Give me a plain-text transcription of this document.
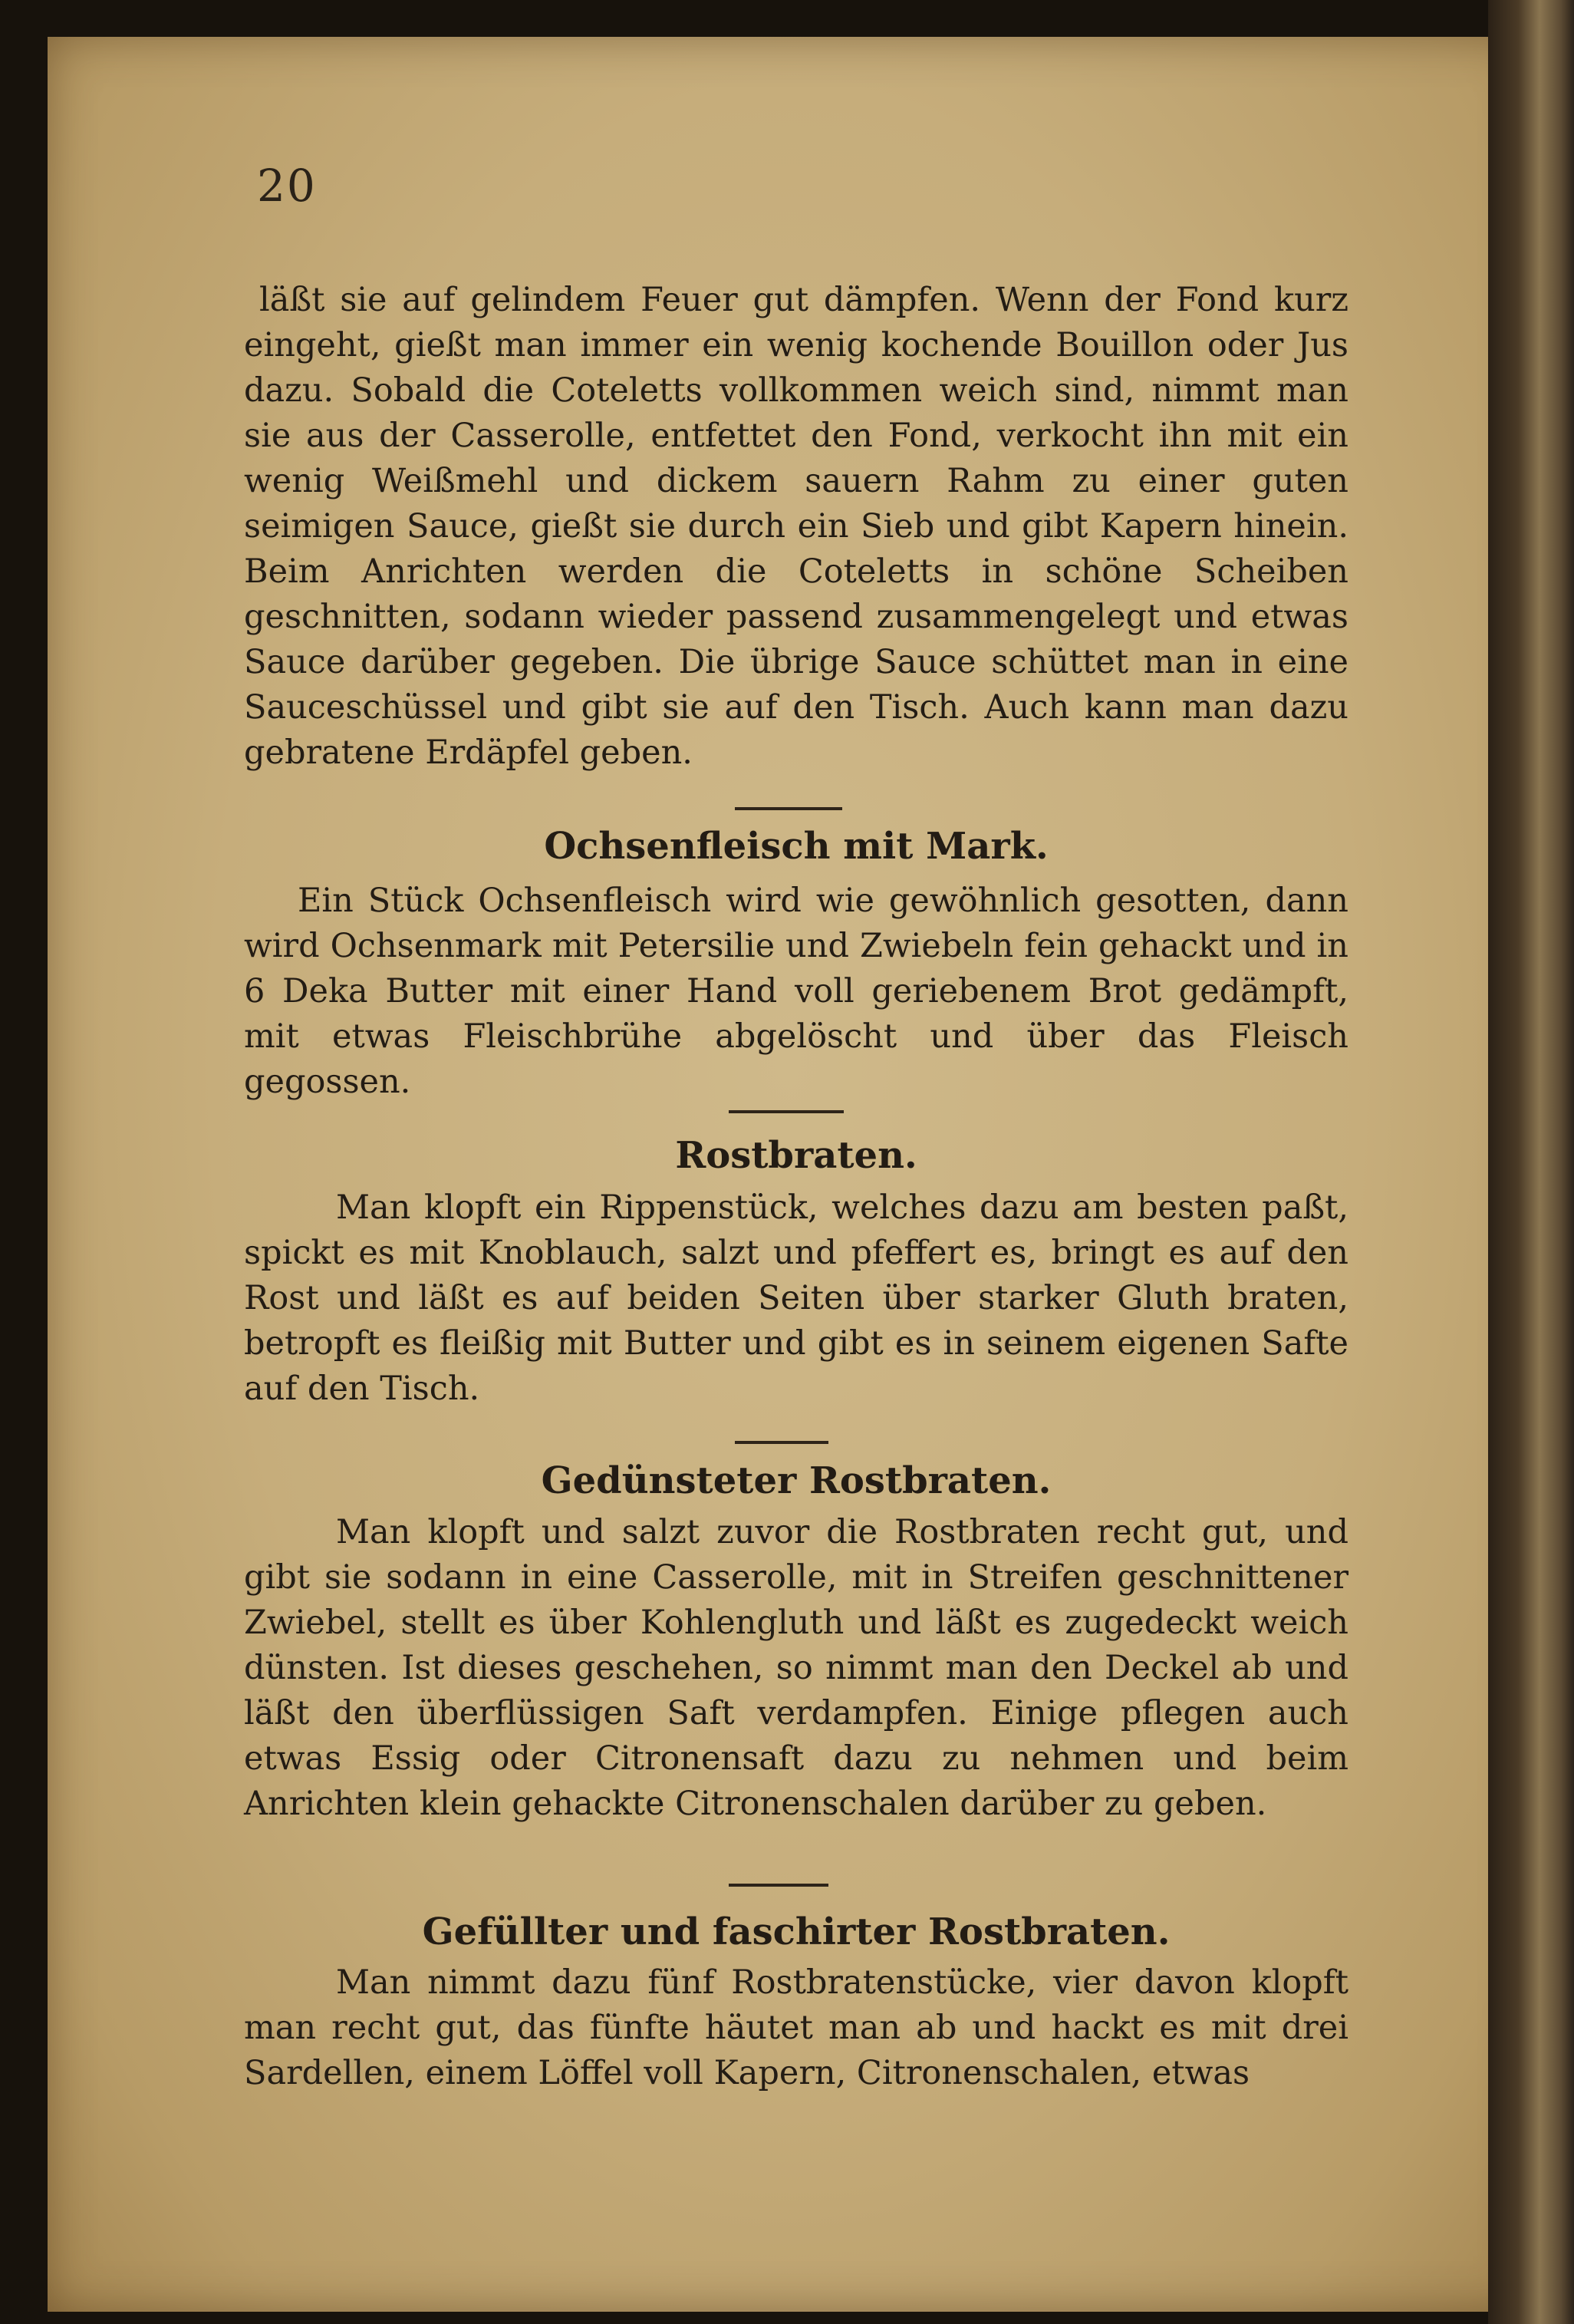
20

läßt sie auf gelindem Feuer gut dämpfen. Wenn der Fond kurz eingeht, gießt man immer ein wenig kochende Bouillon oder Jus dazu. Sobald die Coteletts vollkommen weich sind, nimmt man sie aus der Casserolle, entfettet den Fond, verkocht ihn mit ein wenig Weißmehl und dickem sauern Rahm zu einer guten seimigen Sauce, gießt sie durch ein Sieb und gibt Kapern hinein. Beim Anrichten werden die Coteletts in schöne Scheiben geschnitten, sodann wieder passend zusammengelegt und etwas Sauce darüber gegeben. Die übrige Sauce schüttet man in eine Sauceschüssel und gibt sie auf den Tisch. Auch kann man dazu gebratene Erdäpfel geben.

Ochsenfleisch mit Mark.

Ein Stück Ochsenfleisch wird wie gewöhnlich gesotten, dann wird Ochsenmark mit Petersilie und Zwiebeln fein gehackt und in 6 Deka Butter mit einer Hand voll geriebenem Brot gedämpft, mit etwas Fleischbrühe abgelöscht und über das Fleisch gegossen.

Rostbraten.

Man klopft ein Rippenstück, welches dazu am besten paßt, spickt es mit Knoblauch, salzt und pfeffert es, bringt es auf den Rost und läßt es auf beiden Seiten über starker Gluth braten, betropft es fleißig mit Butter und gibt es in seinem eigenen Safte auf den Tisch.

Gedünsteter Rostbraten.

Man klopft und salzt zuvor die Rostbraten recht gut, und gibt sie sodann in eine Casserolle, mit in Streifen geschnittener Zwiebel, stellt es über Kohlengluth und läßt es zugedeckt weich dünsten. Ist dieses geschehen, so nimmt man den Deckel ab und läßt den überflüssigen Saft verdampfen. Einige pflegen auch etwas Essig oder Citronensaft dazu zu nehmen und beim Anrichten klein gehackte Citronenschalen darüber zu geben.

Gefüllter und faschirter Rostbraten.

Man nimmt dazu fünf Rostbratenstücke, vier davon klopft man recht gut, das fünfte häutet man ab und hackt es mit drei Sardellen, einem Löffel voll Kapern, Citronenschalen, etwas
